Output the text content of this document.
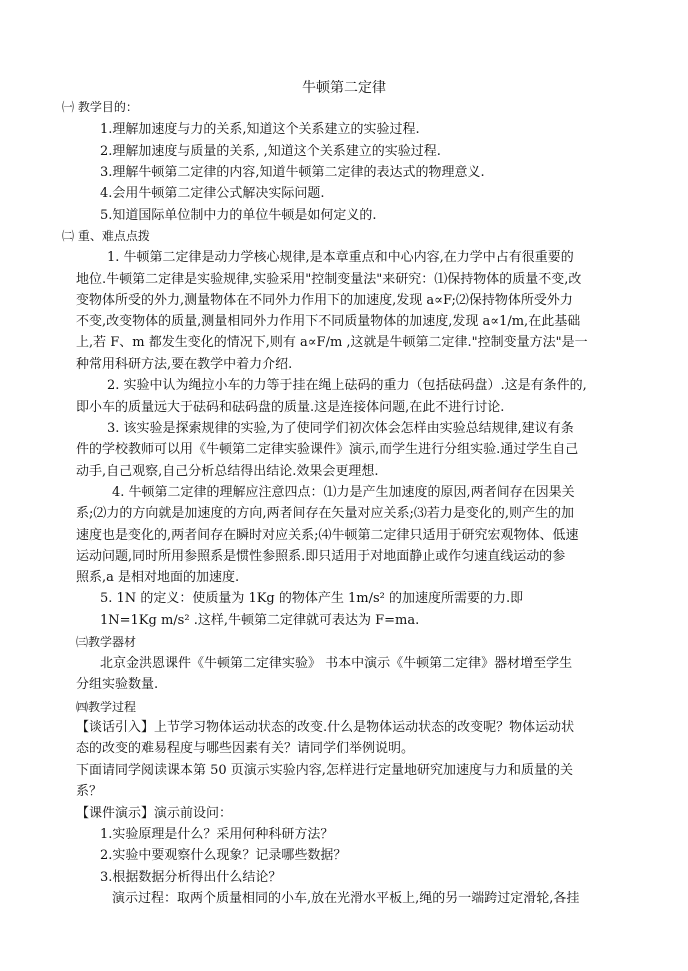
牛顿第二定律
㈠ 教学目的：
1.理解加速度与力的关系,知道这个关系建立的实验过程.
2.理解加速度与质量的关系, ,知道这个关系建立的实验过程.
3.理解牛顿第二定律的内容,知道牛顿第二定律的表达式的物理意义.
4.会用牛顿第二定律公式解决实际问题.
5.知道国际单位制中力的单位牛顿是如何定义的.
㈡ 重、难点点拨
1. 牛顿第二定律是动力学核心规律,是本章重点和中心内容,在力学中占有很重要的
地位.牛顿第二定律是实验规律,实验采用"控制变量法"来研究：⑴保持物体的质量不变,改
变物体所受的外力,测量物体在不同外力作用下的加速度,发现 a∝F;⑵保持物体所受外力
不变,改变物体的质量,测量相同外力作用下不同质量物体的加速度,发现 a∝1/m,在此基础
上,若 F、m 都发生变化的情况下,则有 a∝F/m ,这就是牛顿第二定律."控制变量方法"是一
种常用科研方法,要在教学中着力介绍.
2. 实验中认为绳拉小车的力等于挂在绳上砝码的重力（包括砝码盘）.这是有条件的,
即小车的质量远大于砝码和砝码盘的质量.这是连接体问题,在此不进行讨论.
3. 该实验是探索规律的实验,为了使同学们初次体会怎样由实验总结规律,建议有条
件的学校教师可以用《牛顿第二定律实验课件》演示,而学生进行分组实验.通过学生自己
动手,自己观察,自己分析总结得出结论.效果会更理想.
4. 牛顿第二定律的理解应注意四点：⑴力是产生加速度的原因,两者间存在因果关
系;⑵力的方向就是加速度的方向,两者间存在矢量对应关系;⑶若力是变化的,则产生的加
速度也是变化的,两者间存在瞬时对应关系;⑷牛顿第二定律只适用于研究宏观物体、低速
运动问题,同时所用参照系是惯性参照系.即只适用于对地面静止或作匀速直线运动的参
照系,a 是相对地面的加速度.
5. 1N 的定义：使质量为 1Kg 的物体产生 1m/s² 的加速度所需要的力.即
1N=1Kg m/s² .这样,牛顿第二定律就可表达为 F=ma.
㈢教学器材
北京金洪恩课件《牛顿第二定律实验》 书本中演示《牛顿第二定律》器材增至学生
分组实验数量.
㈣教学过程
【谈话引入】上节学习物体运动状态的改变.什么是物体运动状态的改变呢？物体运动状
态的改变的难易程度与哪些因素有关？请同学们举例说明。
下面请同学阅读课本第 50 页演示实验内容,怎样进行定量地研究加速度与力和质量的关
系？
【课件演示】演示前设问：
1.实验原理是什么？采用何种科研方法？
2.实验中要观察什么现象？记录哪些数据？
3.根据数据分析得出什么结论？
演示过程：取两个质量相同的小车,放在光滑水平板上,绳的另一端跨过定滑轮,各挂
